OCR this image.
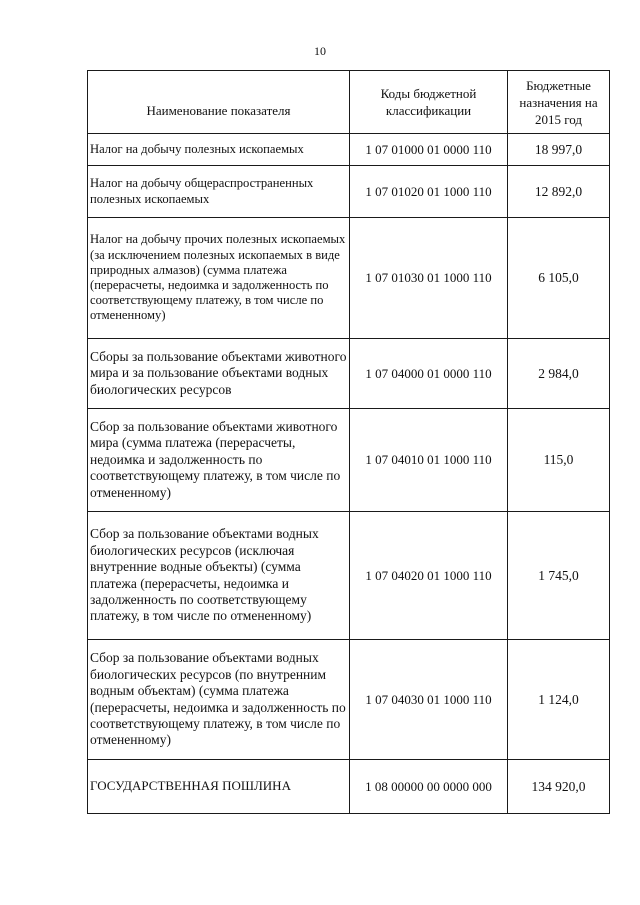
10
Наименование показателя	Коды бюджетной классификации	Бюджетные назначения на 2015 год
Налог на добычу полезных ископаемых	1 07 01000 01 0000 110	18 997,0
Налог на добычу общераспространенных полезных ископаемых	1 07 01020 01 1000 110	12 892,0
Налог на добычу прочих полезных ископаемых (за исключением полезных ископаемых в виде природных алмазов) (сумма платежа (перерасчеты, недоимка и задолженность по соответствующему платежу, в том числе по отмененному)	1 07 01030 01 1000 110	6 105,0
Сборы за пользование объектами животного мира и за пользование объектами водных биологических ресурсов	1 07 04000 01 0000 110	2 984,0
Сбор за пользование объектами животного мира (сумма платежа (перерасчеты, недоимка и задолженность по соответствующему платежу, в том числе по отмененному)	1 07 04010 01 1000 110	115,0
Сбор за пользование объектами водных биологических ресурсов (исключая внутренние водные объекты) (сумма платежа (перерасчеты, недоимка и задолженность по соответствующему платежу, в том числе по отмененному)	1 07 04020 01 1000 110	1 745,0
Сбор за пользование объектами водных биологических ресурсов (по внутренним водным объектам) (сумма платежа (перерасчеты, недоимка и задолженность по соответствующему платежу, в том числе по отмененному)	1 07 04030 01 1000 110	1 124,0
ГОСУДАРСТВЕННАЯ ПОШЛИНА	1 08 00000 00 0000 000	134 920,0
